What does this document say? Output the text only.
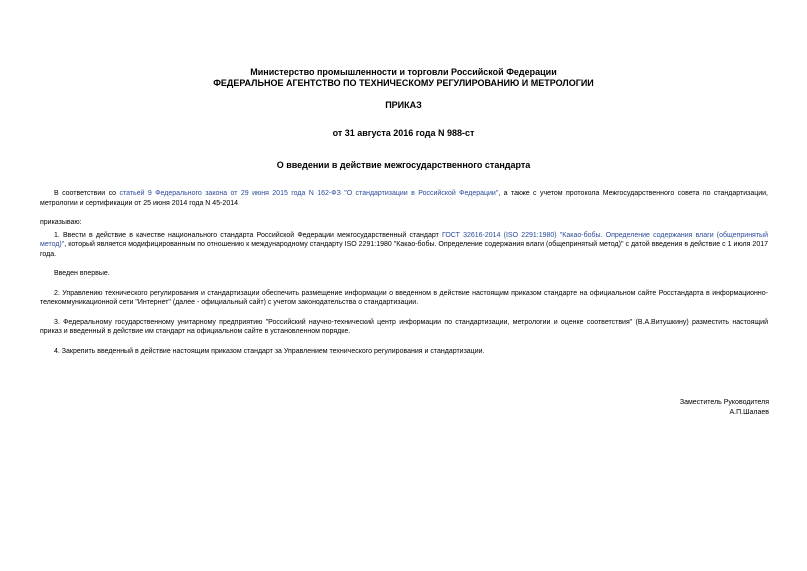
Министерство промышленности и торговли Российской Федерации
ФЕДЕРАЛЬНОЕ АГЕНТСТВО ПО ТЕХНИЧЕСКОМУ РЕГУЛИРОВАНИЮ И МЕТРОЛОГИИ
ПРИКАЗ
от 31 августа 2016 года N 988-ст
О введении в действие межгосударственного стандарта

В соответствии со статьей 9 Федерального закона от 29 июня 2015 года N 162-ФЗ "О стандартизации в Российской Федерации", а также с учетом протокола Межгосударственного совета по стандартизации, метрологии и сертификации от 25 июня 2014 года N 45-2014

приказываю:

1. Ввести в действие в качестве национального стандарта Российской Федерации межгосударственный стандарт ГОСТ 32616-2014 (ISO 2291:1980) "Какао-бобы. Определение содержания влаги (общепринятый метод)", который является модифицированным по отношению к международному стандарту ISO 2291:1980 "Какао-бобы. Определение содержания влаги (общепринятый метод)" с датой введения в действие с 1 июля 2017 года.

Введен впервые.

2. Управлению технического регулирования и стандартизации обеспечить размещение информации о введенном в действие настоящим приказом стандарте на официальном сайте Росстандарта в информационно-телекоммуникационной сети "Интернет" (далее - официальный сайт) с учетом законодательства о стандартизации.

3. Федеральному государственному унитарному предприятию "Российский научно-технический центр информации по стандартизации, метрологии и оценке соответствия" (В.А.Витушкину) разместить настоящий приказ и введенный в действие им стандарт на официальном сайте в установленном порядке.

4. Закрепить введенный в действие настоящим приказом стандарт за Управлением технического регулирования и стандартизации.

Заместитель Руководителя
А.П.Шалаев
